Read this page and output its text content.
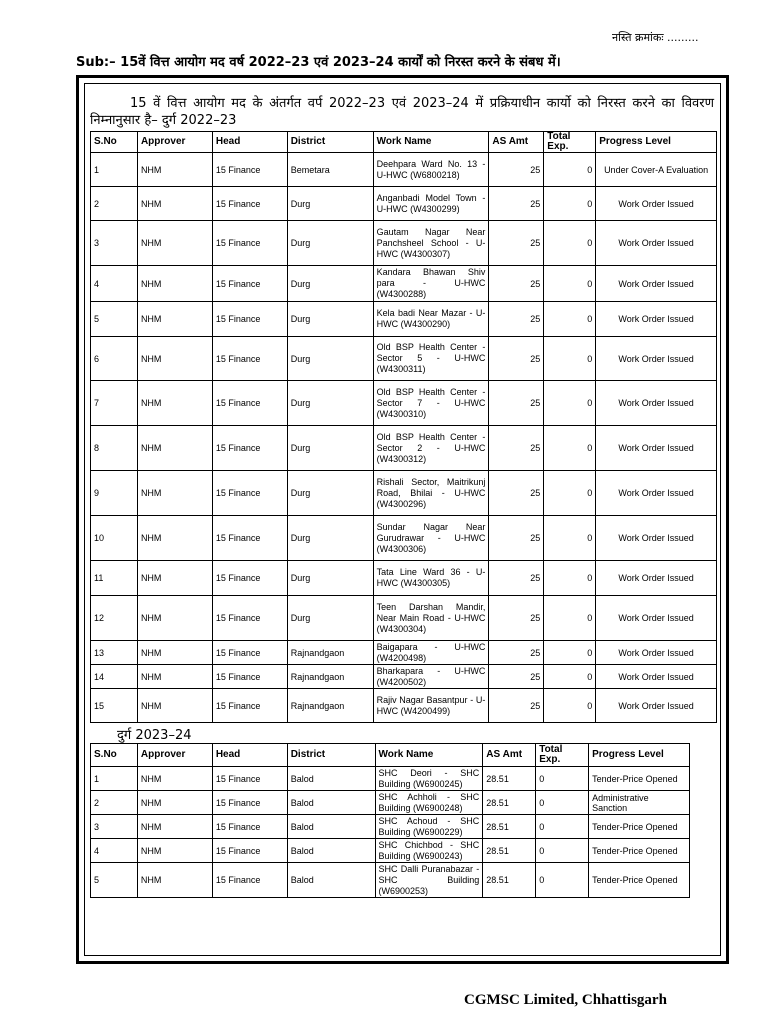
नस्ति क्रमांकः .........
Sub:– 15वें वित्त आयोग मद वर्ष 2022–23 एवं 2023–24 कार्यों को निरस्त करने के संबध में।
15 वें वित्त आयोग मद के अंतर्गत वर्प 2022–23 एवं 2023–24 में प्रक्रियाधीन कार्यो को निरस्त करने का विवरण निम्नानुसार है– दुर्ग 2022–23
S.No	Approver	Head	District	Work Name	AS Amt	Total Exp.	Progress Level
1	NHM	15 Finance	Bemetara	Deehpara Ward No. 13 - U-HWC (W6800218)	25	0	Under Cover-A Evaluation
2	NHM	15 Finance	Durg	Anganbadi Model Town - U-HWC (W4300299)	25	0	Work Order Issued
3	NHM	15 Finance	Durg	Gautam Nagar Near Panchsheel School - U-HWC (W4300307)	25	0	Work Order Issued
4	NHM	15 Finance	Durg	Kandara Bhawan Shiv para - U-HWC (W4300288)	25	0	Work Order Issued
5	NHM	15 Finance	Durg	Kela badi Near Mazar - U-HWC (W4300290)	25	0	Work Order Issued
6	NHM	15 Finance	Durg	Old BSP Health Center - Sector 5 - U-HWC (W4300311)	25	0	Work Order Issued
7	NHM	15 Finance	Durg	Old BSP Health Center - Sector 7 - U-HWC (W4300310)	25	0	Work Order Issued
8	NHM	15 Finance	Durg	Old BSP Health Center - Sector 2 - U-HWC (W4300312)	25	0	Work Order Issued
9	NHM	15 Finance	Durg	Rishali Sector, Maitrikunj Road, Bhilai - U-HWC (W4300296)	25	0	Work Order Issued
10	NHM	15 Finance	Durg	Sundar Nagar Near Gurudrawar - U-HWC (W4300306)	25	0	Work Order Issued
11	NHM	15 Finance	Durg	Tata Line Ward 36 - U-HWC (W4300305)	25	0	Work Order Issued
12	NHM	15 Finance	Durg	Teen Darshan Mandir, Near Main Road - U-HWC (W4300304)	25	0	Work Order Issued
13	NHM	15 Finance	Rajnandgaon	Baigapara - U-HWC (W4200498)	25	0	Work Order Issued
14	NHM	15 Finance	Rajnandgaon	Bharkapara - U-HWC (W4200502)	25	0	Work Order Issued
15	NHM	15 Finance	Rajnandgaon	Rajiv Nagar Basantpur - U-HWC (W4200499)	25	0	Work Order Issued
दुर्ग 2023–24
S.No	Approver	Head	District	Work Name	AS Amt	Total Exp.	Progress Level
1	NHM	15 Finance	Balod	SHC Deori - SHC Building (W6900245)	28.51	0	Tender-Price Opened
2	NHM	15 Finance	Balod	SHC Achholi - SHC Building (W6900248)	28.51	0	Administrative Sanction
3	NHM	15 Finance	Balod	SHC Achoud - SHC Building (W6900229)	28.51	0	Tender-Price Opened
4	NHM	15 Finance	Balod	SHC Chichbod - SHC Building (W6900243)	28.51	0	Tender-Price Opened
5	NHM	15 Finance	Balod	SHC Dalli Puranabazar - SHC Building (W6900253)	28.51	0	Tender-Price Opened
CGMSC Limited, Chhattisgarh
